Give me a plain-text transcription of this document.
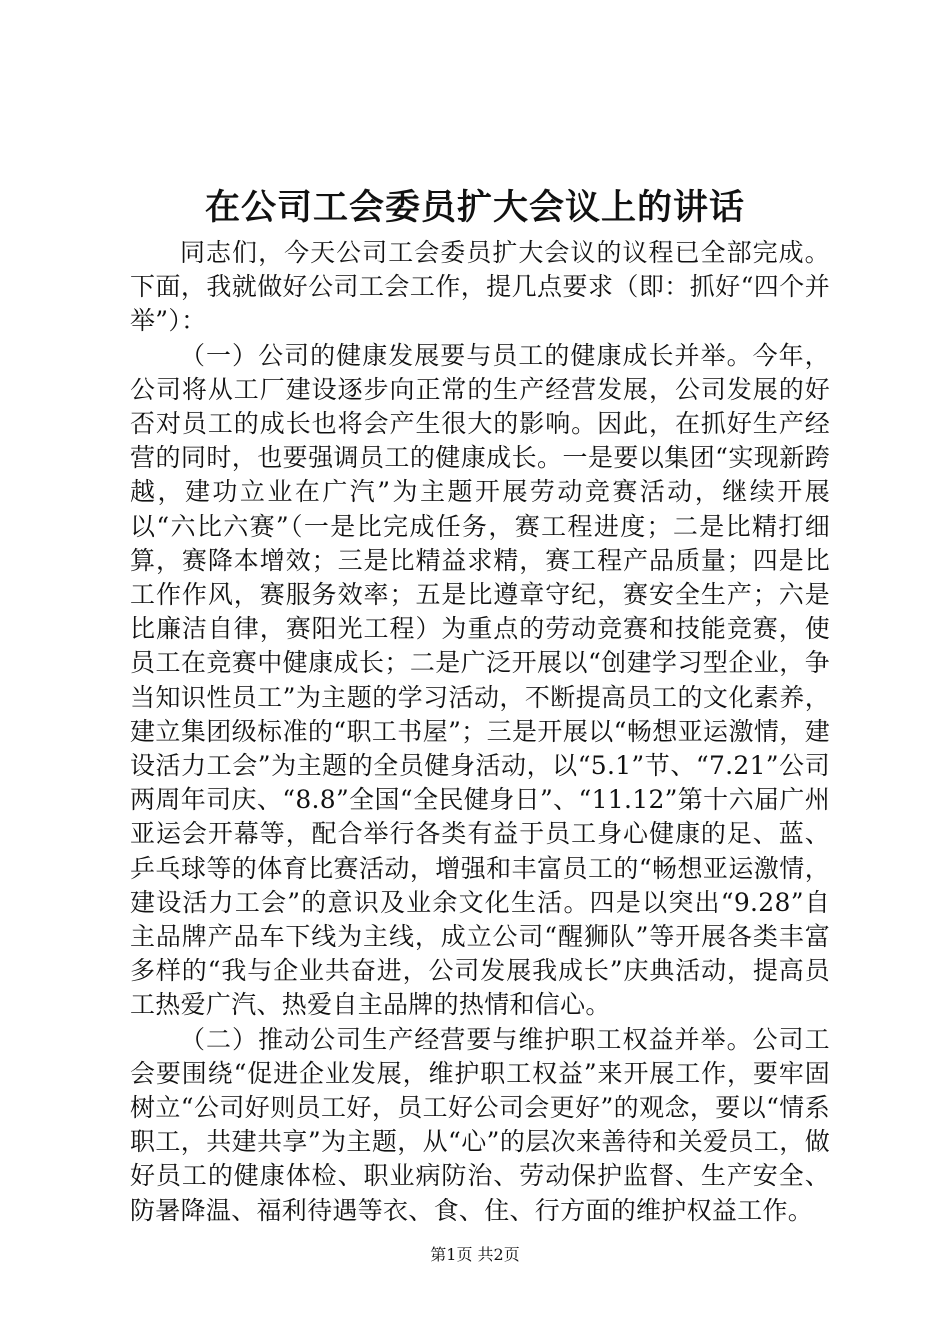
在公司工会委员扩大会议上的讲话

同志们，今天公司工会委员扩大会议的议程已全部完成。下面，我就做好公司工会工作，提几点要求（即：抓好“四个并举”）：

（一）公司的健康发展要与员工的健康成长并举。今年，公司将从工厂建设逐步向正常的生产经营发展，公司发展的好否对员工的成长也将会产生很大的影响。因此，在抓好生产经营的同时，也要强调员工的健康成长。一是要以集团“实现新跨越，建功立业在广汽”为主题开展劳动竞赛活动，继续开展以“六比六赛”（一是比完成任务，赛工程进度；二是比精打细算，赛降本增效；三是比精益求精，赛工程产品质量；四是比工作作风，赛服务效率；五是比遵章守纪，赛安全生产；六是比廉洁自律，赛阳光工程）为重点的劳动竞赛和技能竞赛，使员工在竞赛中健康成长；二是广泛开展以“创建学习型企业，争当知识性员工”为主题的学习活动，不断提高员工的文化素养，建立集团级标准的“职工书屋”；三是开展以“畅想亚运激情，建设活力工会”为主题的全员健身活动，以“5.1”节、“7.21”公司两周年司庆、“8.8”全国“全民健身日”、“11.12”第十六届广州亚运会开幕等，配合举行各类有益于员工身心健康的足、蓝、乒乓球等的体育比赛活动，增强和丰富员工的“畅想亚运激情，建设活力工会”的意识及业余文化生活。四是以突出“9.28”自主品牌产品车下线为主线，成立公司“醒狮队”等开展各类丰富多样的“我与企业共奋进，公司发展我成长”庆典活动，提高员工热爱广汽、热爱自主品牌的热情和信心。

（二）推动公司生产经营要与维护职工权益并举。公司工会要围绕“促进企业发展，维护职工权益”来开展工作，要牢固树立“公司好则员工好，员工好公司会更好”的观念，要以“情系职工，共建共享”为主题，从“心”的层次来善待和关爱员工，做好员工的健康体检、职业病防治、劳动保护监督、生产安全、防暑降温、福利待遇等衣、食、住、行方面的维护权益工作。

第1页 共2页
